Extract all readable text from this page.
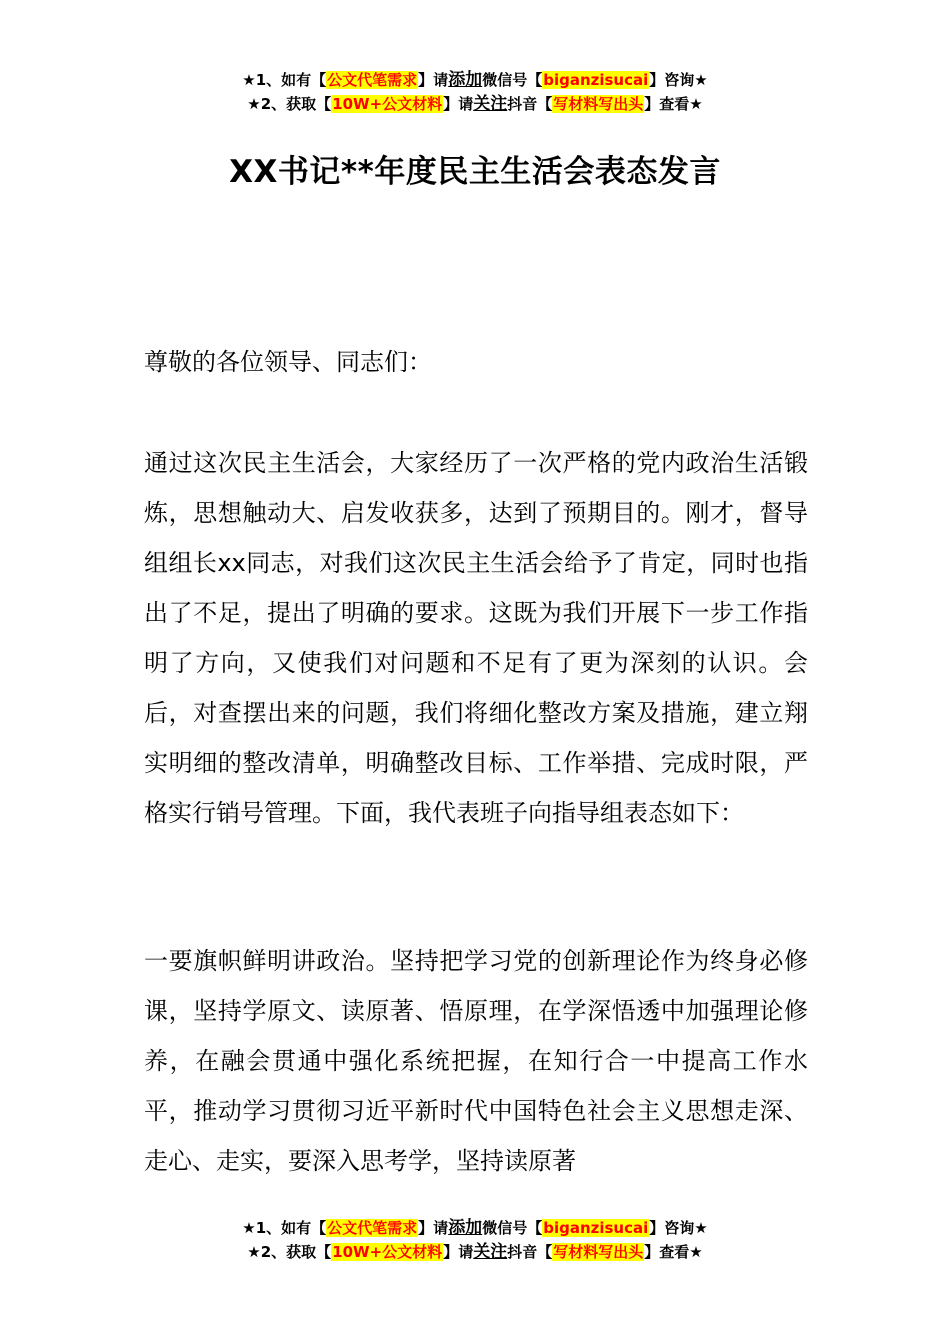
★1、如有【公文代笔需求】请添加微信号【biganzisucai】咨询★
★2、获取【10W+公文材料】请关注抖音【写材料写出头】查看★
XX书记**年度民主生活会表态发言

尊敬的各位领导、同志们：

通过这次民主生活会，大家经历了一次严格的党内政治生活锻炼，思想触动大、启发收获多，达到了预期目的。刚才，督导组组长xx同志，对我们这次民主生活会给予了肯定，同时也指出了不足，提出了明确的要求。这既为我们开展下一步工作指明了方向，又使我们对问题和不足有了更为深刻的认识。会后，对查摆出来的问题，我们将细化整改方案及措施，建立翔实明细的整改清单，明确整改目标、工作举措、完成时限，严格实行销号管理。下面，我代表班子向指导组表态如下：

一要旗帜鲜明讲政治。坚持把学习党的创新理论作为终身必修课，坚持学原文、读原著、悟原理，在学深悟透中加强理论修养，在融会贯通中强化系统把握，在知行合一中提高工作水平，推动学习贯彻习近平新时代中国特色社会主义思想走深、走心、走实，要深入思考学，坚持读原著

★1、如有【公文代笔需求】请添加微信号【biganzisucai】咨询★
★2、获取【10W+公文材料】请关注抖音【写材料写出头】查看★
